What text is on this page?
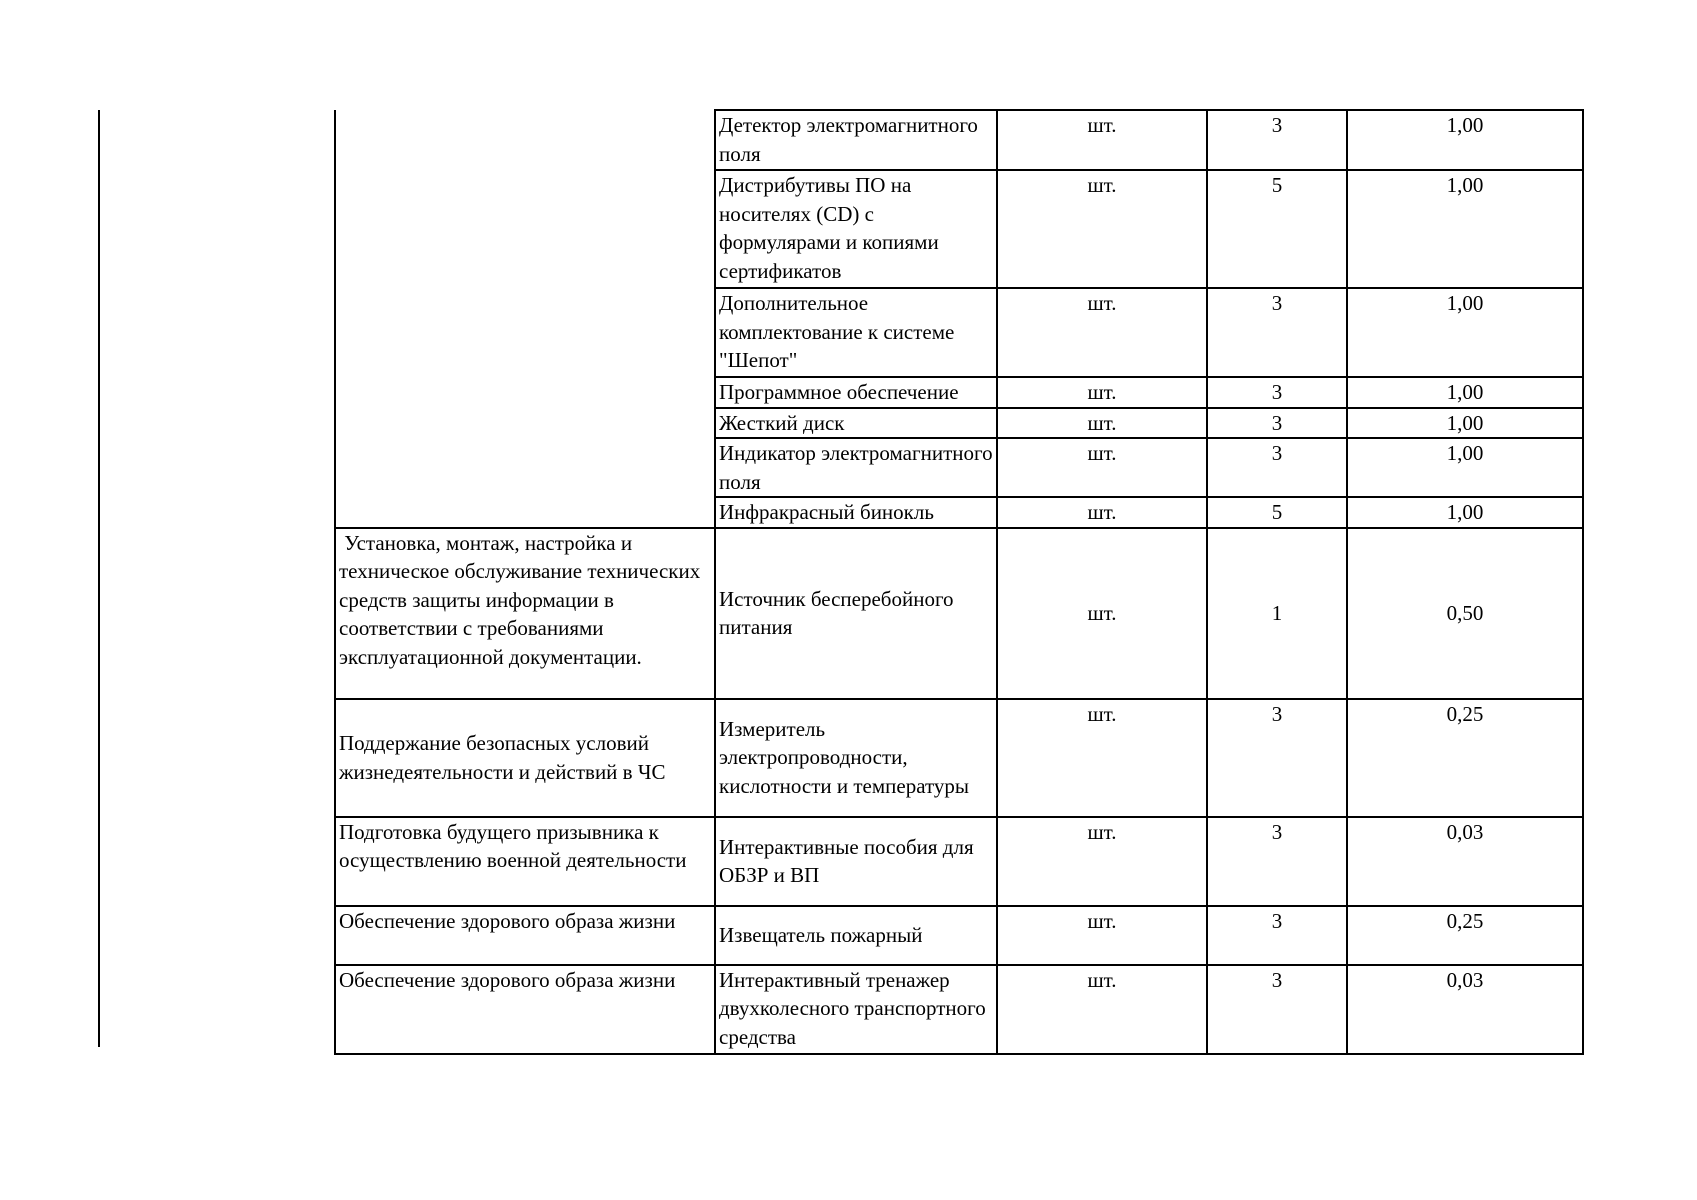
	Детектор электромагнитного поля	шт.	3	1,00
	Дистрибутивы ПО на носителях (CD) с формулярами и копиями сертификатов	шт.	5	1,00
	Дополнительное комплектование к системе "Шепот"	шт.	3	1,00
	Программное обеспечение	шт.	3	1,00
	Жесткий диск	шт.	3	1,00
	Индикатор электромагнитного поля	шт.	3	1,00
	Инфракрасный бинокль	шт.	5	1,00
Установка, монтаж, настройка и техническое обслуживание технических средств защиты информации в соответствии с требованиями эксплуатационной документации.	Источник бесперебойного питания	шт.	1	0,50
Поддержание безопасных условий жизнедеятельности и действий в ЧС	Измеритель электропроводности, кислотности и температуры	шт.	3	0,25
Подготовка будущего призывника к осуществлению военной деятельности	Интерактивные пособия для ОБЗР и ВП	шт.	3	0,03
Обеспечение здорового образа жизни	Извещатель пожарный	шт.	3	0,25
Обеспечение здорового образа жизни	Интерактивный тренажер двухколесного транспортного средства	шт.	3	0,03
